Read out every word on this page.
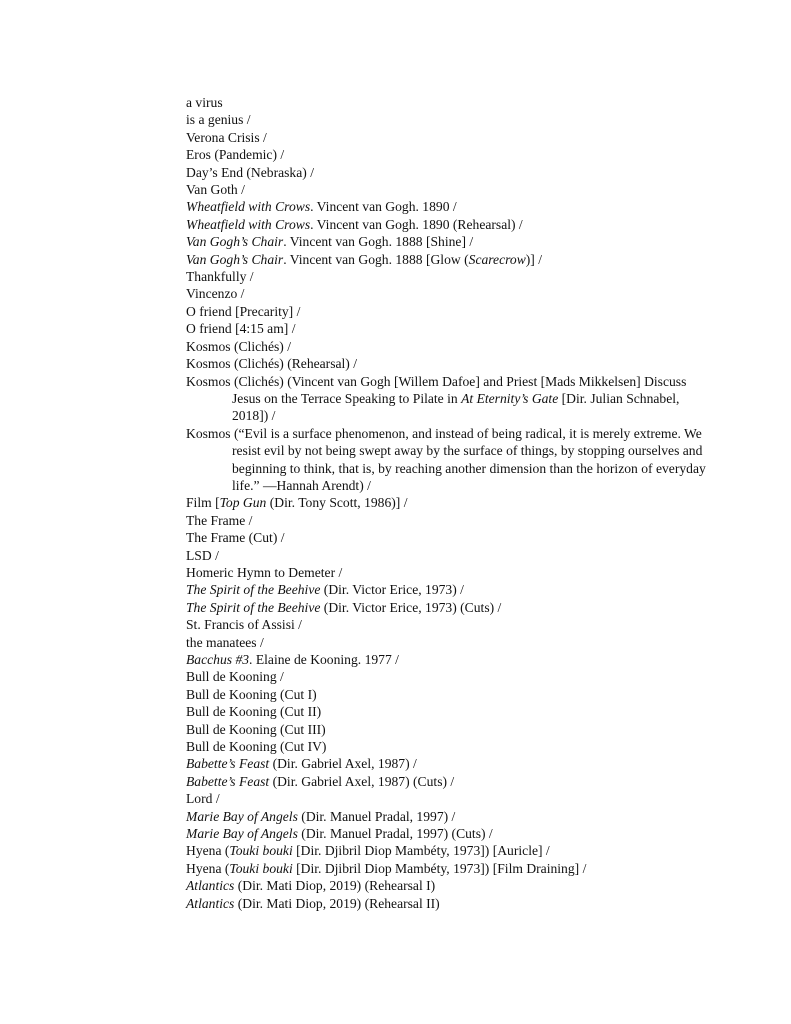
a virus

is a genius /

Verona Crisis /

Eros (Pandemic) /

Day’s End (Nebraska) /

Van Goth /

Wheatfield with Crows. Vincent van Gogh. 1890 /

Wheatfield with Crows. Vincent van Gogh. 1890 (Rehearsal) /

Van Gogh’s Chair. Vincent van Gogh. 1888 [Shine] /

Van Gogh’s Chair. Vincent van Gogh. 1888 [Glow (Scarecrow)] /

Thankfully /

Vincenzo /

O friend [Precarity] /

O friend [4:15 am] /

Kosmos (Clichés) /

Kosmos (Clichés) (Rehearsal) /

Kosmos (Clichés) (Vincent van Gogh [Willem Dafoe] and Priest [Mads Mikkelsen] Discuss Jesus on the Terrace Speaking to Pilate in At Eternity’s Gate [Dir. Julian Schnabel, 2018]) /

Kosmos (“Evil is a surface phenomenon, and instead of being radical, it is merely extreme. We resist evil by not being swept away by the surface of things, by stopping ourselves and beginning to think, that is, by reaching another dimension than the horizon of everyday life.” —Hannah Arendt) /

Film [Top Gun (Dir. Tony Scott, 1986)] /

The Frame /

The Frame (Cut) /

LSD /

Homeric Hymn to Demeter /

The Spirit of the Beehive (Dir. Victor Erice, 1973) /

The Spirit of the Beehive (Dir. Victor Erice, 1973) (Cuts) /

St. Francis of Assisi /

the manatees /

Bacchus #3. Elaine de Kooning. 1977 /

Bull de Kooning /

Bull de Kooning (Cut I)

Bull de Kooning (Cut II)

Bull de Kooning (Cut III)

Bull de Kooning (Cut IV)

Babette’s Feast (Dir. Gabriel Axel, 1987) /

Babette’s Feast (Dir. Gabriel Axel, 1987) (Cuts) /

Lord /

Marie Bay of Angels (Dir. Manuel Pradal, 1997) /

Marie Bay of Angels (Dir. Manuel Pradal, 1997) (Cuts) /

Hyena (Touki bouki [Dir. Djibril Diop Mambéty, 1973]) [Auricle] /

Hyena (Touki bouki [Dir. Djibril Diop Mambéty, 1973]) [Film Draining] /

Atlantics (Dir. Mati Diop, 2019) (Rehearsal I)

Atlantics (Dir. Mati Diop, 2019) (Rehearsal II)
